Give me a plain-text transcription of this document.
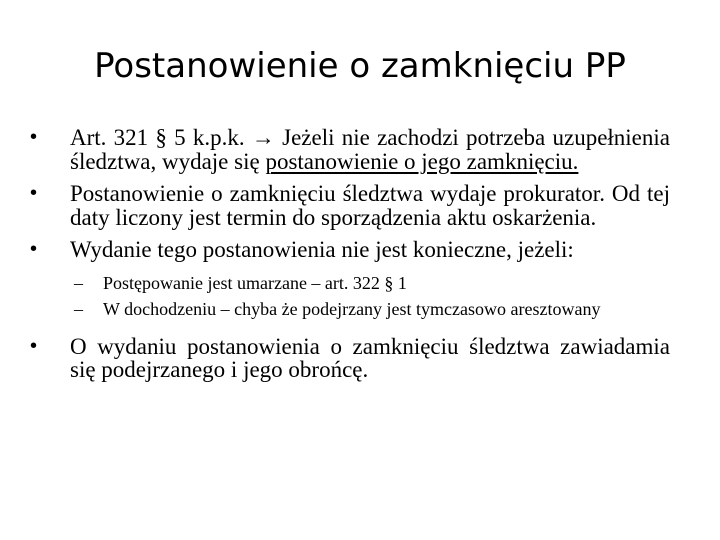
Postanowienie o zamknięciu PP
• Art. 321 § 5 k.p.k. → Jeżeli nie zachodzi potrzeba uzupełnienia śledztwa, wydaje się postanowienie o jego zamknięciu.
• Postanowienie o zamknięciu śledztwa wydaje prokurator. Od tej daty liczony jest termin do sporządzenia aktu oskarżenia.
• Wydanie tego postanowienia nie jest konieczne, jeżeli:
– Postępowanie jest umarzane – art. 322 § 1
– W dochodzeniu – chyba że podejrzany jest tymczasowo aresztowany
• O wydaniu postanowienia o zamknięciu śledztwa zawiadamia się podejrzanego i jego obrońcę.
